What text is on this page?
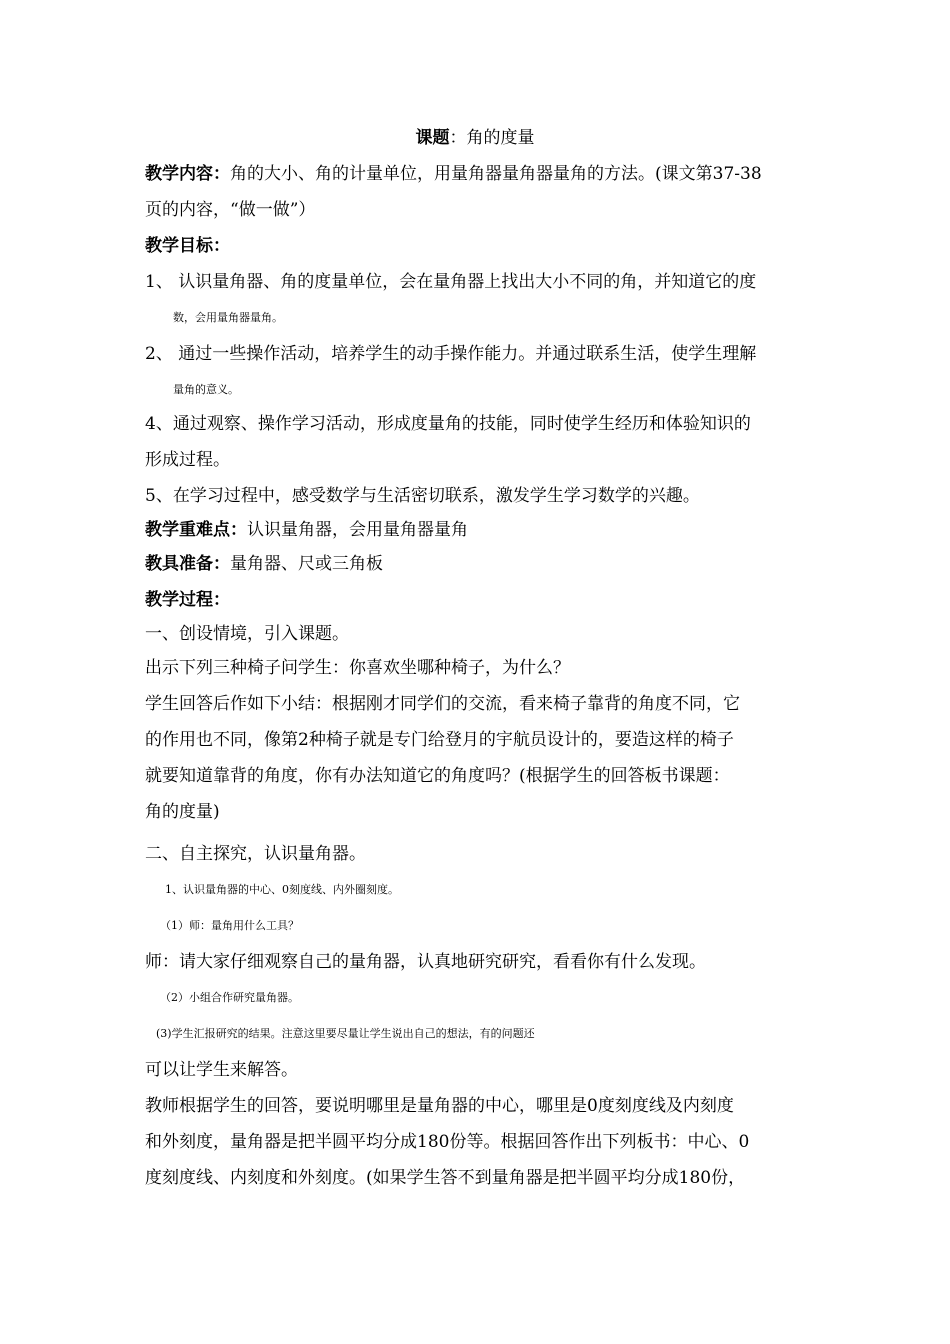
课题：角的度量
教学内容：角的大小、角的计量单位，用量角器量角器量角的方法。(课文第37-38
页的内容，“做一做”）
教学目标：
1、 认识量角器、角的度量单位，会在量角器上找出大小不同的角，并知道它的度
数，会用量角器量角。
2、 通过一些操作活动，培养学生的动手操作能力。并通过联系生活，使学生理解
量角的意义。
4、通过观察、操作学习活动，形成度量角的技能，同时使学生经历和体验知识的
形成过程。
5、在学习过程中，感受数学与生活密切联系，激发学生学习数学的兴趣。
教学重难点：认识量角器，会用量角器量角
教具准备：量角器、尺或三角板
教学过程：
一、创设情境，引入课题。
出示下列三种椅子问学生：你喜欢坐哪种椅子，为什么？
学生回答后作如下小结：根据刚才同学们的交流，看来椅子靠背的角度不同，它
的作用也不同，像第2种椅子就是专门给登月的宇航员设计的，要造这样的椅子
就要知道靠背的角度，你有办法知道它的角度吗？(根据学生的回答板书课题：
角的度量)
二、自主探究，认识量角器。
1、认识量角器的中心、0刻度线、内外圈刻度。
（1）师：量角用什么工具？
师：请大家仔细观察自己的量角器，认真地研究研究，看看你有什么发现。
（2）小组合作研究量角器。
(3)学生汇报研究的结果。注意这里要尽量让学生说出自己的想法，有的问题还
可以让学生来解答。
教师根据学生的回答，要说明哪里是量角器的中心，哪里是0度刻度线及内刻度
和外刻度，量角器是把半圆平均分成180份等。根据回答作出下列板书：中心、0
度刻度线、内刻度和外刻度。(如果学生答不到量角器是把半圆平均分成180份，
